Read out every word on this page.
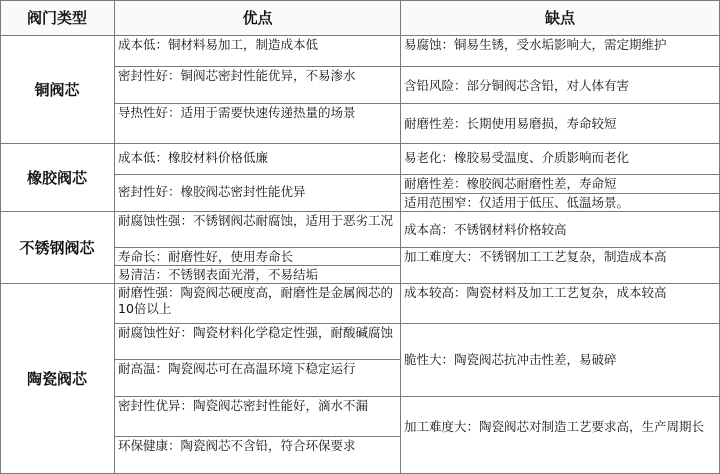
阀门类型	优点	缺点
铜阀芯
成本低：铜材料易加工，制造成本低
密封性好：铜阀芯密封性能优异，不易渗水
导热性好：适用于需要快速传递热量的场景
易腐蚀：铜易生锈，受水垢影响大，需定期维护
含铅风险：部分铜阀芯含铅，对人体有害
耐磨性差：长期使用易磨损，寿命较短
橡胶阀芯
成本低：橡胶材料价格低廉
密封性好：橡胶阀芯密封性能优异
易老化：橡胶易受温度、介质影响而老化
耐磨性差：橡胶阀芯耐磨性差，寿命短
适用范围窄：仅适用于低压、低温场景。
不锈钢阀芯
耐腐蚀性强：不锈钢阀芯耐腐蚀，适用于恶劣工况
寿命长：耐磨性好，使用寿命长
易清洁：不锈钢表面光滑，不易结垢
成本高：不锈钢材料价格较高
加工难度大：不锈钢加工工艺复杂，制造成本高
陶瓷阀芯
耐磨性强：陶瓷阀芯硬度高，耐磨性是金属阀芯的10倍以上
耐腐蚀性好：陶瓷材料化学稳定性强，耐酸碱腐蚀
耐高温：陶瓷阀芯可在高温环境下稳定运行
密封性优异：陶瓷阀芯密封性能好，滴水不漏
环保健康：陶瓷阀芯不含铅，符合环保要求
成本较高：陶瓷材料及加工工艺复杂，成本较高
脆性大：陶瓷阀芯抗冲击性差，易破碎
加工难度大：陶瓷阀芯对制造工艺要求高，生产周期长
